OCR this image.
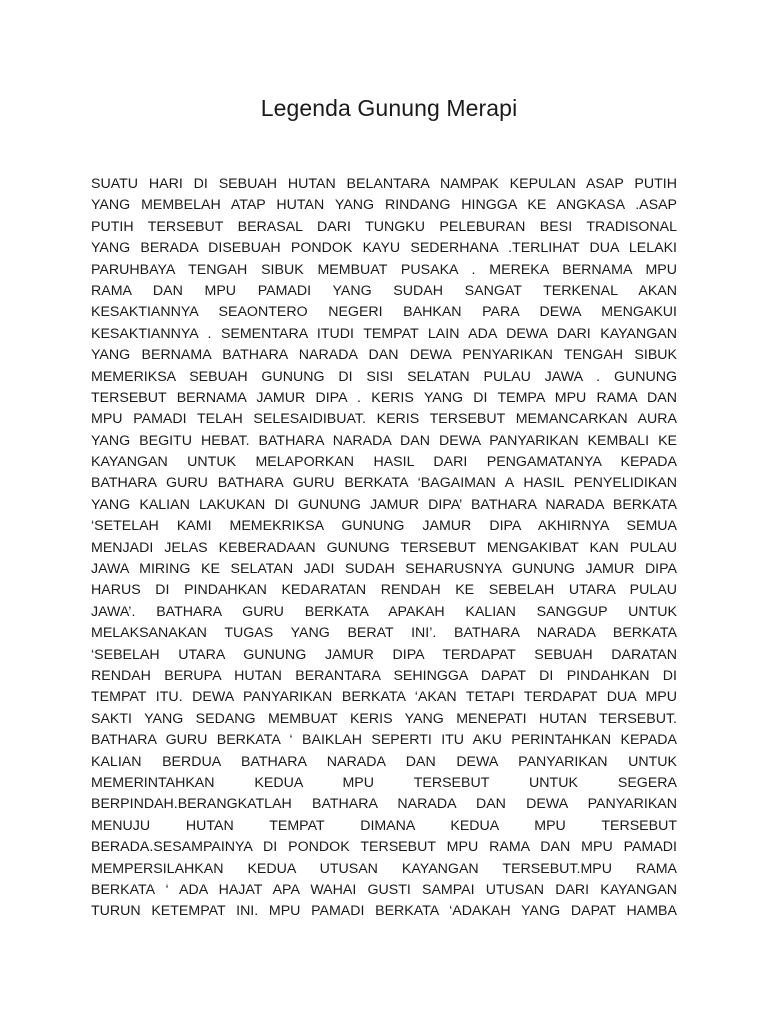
Legenda Gunung Merapi
SUATU HARI DI SEBUAH HUTAN BELANTARA NAMPAK KEPULAN ASAP PUTIH
YANG MEMBELAH ATAP HUTAN YANG RINDANG HINGGA KE ANGKASA .ASAP
PUTIH TERSEBUT BERASAL DARI TUNGKU PELEBURAN BESI TRADISONAL
YANG BERADA DISEBUAH PONDOK KAYU SEDERHANA .TERLIHAT DUA LELAKI
PARUHBAYA TENGAH SIBUK MEMBUAT PUSAKA . MEREKA BERNAMA MPU
RAMA DAN MPU PAMADI YANG SUDAH SANGAT TERKENAL AKAN
KESAKTIANNYA SEAONTERO NEGERI BAHKAN PARA DEWA MENGAKUI
KESAKTIANNYA . SEMENTARA ITUDI TEMPAT LAIN ADA DEWA DARI KAYANGAN
YANG BERNAMA BATHARA NARADA DAN DEWA PENYARIKAN TENGAH SIBUK
MEMERIKSA SEBUAH GUNUNG DI SISI SELATAN PULAU JAWA . GUNUNG
TERSEBUT BERNAMA JAMUR DIPA . KERIS YANG DI TEMPA MPU RAMA DAN
MPU PAMADI TELAH SELESAIDIBUAT. KERIS TERSEBUT MEMANCARKAN AURA
YANG BEGITU HEBAT. BATHARA NARADA DAN DEWA PANYARIKAN KEMBALI KE
KAYANGAN UNTUK MELAPORKAN HASIL DARI PENGAMATANYA KEPADA
BATHARA GURU BATHARA GURU BERKATA ‘BAGAIMAN A HASIL PENYELIDIKAN
YANG KALIAN LAKUKAN DI GUNUNG JAMUR DIPA’ BATHARA NARADA BERKATA
‘SETELAH KAMI MEMEKRIKSA GUNUNG JAMUR DIPA AKHIRNYA SEMUA
MENJADI JELAS KEBERADAAN GUNUNG TERSEBUT MENGAKIBAT KAN PULAU
JAWA MIRING KE SELATAN JADI SUDAH SEHARUSNYA GUNUNG JAMUR DIPA
HARUS DI PINDAHKAN KEDARATAN RENDAH KE SEBELAH UTARA PULAU
JAWA’. BATHARA GURU BERKATA APAKAH KALIAN SANGGUP UNTUK
MELAKSANAKAN TUGAS YANG BERAT INI’. BATHARA NARADA BERKATA
‘SEBELAH UTARA GUNUNG JAMUR DIPA TERDAPAT SEBUAH DARATAN
RENDAH BERUPA HUTAN BERANTARA SEHINGGA DAPAT DI PINDAHKAN DI
TEMPAT ITU. DEWA PANYARIKAN BERKATA ‘AKAN TETAPI TERDAPAT DUA MPU
SAKTI YANG SEDANG MEMBUAT KERIS YANG MENEPATI HUTAN TERSEBUT.
BATHARA GURU BERKATA ‘ BAIKLAH SEPERTI ITU AKU PERINTAHKAN KEPADA
KALIAN BERDUA BATHARA NARADA DAN DEWA PANYARIKAN UNTUK
MEMERINTAHKAN KEDUA MPU TERSEBUT UNTUK SEGERA
BERPINDAH.BERANGKATLAH BATHARA NARADA DAN DEWA PANYARIKAN
MENUJU HUTAN TEMPAT DIMANA KEDUA MPU TERSEBUT
BERADA.SESAMPAINYA DI PONDOK TERSEBUT MPU RAMA DAN MPU PAMADI
MEMPERSILAHKAN KEDUA UTUSAN KAYANGAN TERSEBUT.MPU RAMA
BERKATA ‘ ADA HAJAT APA WAHAI GUSTI SAMPAI UTUSAN DARI KAYANGAN
TURUN KETEMPAT INI. MPU PAMADI BERKATA ‘ADAKAH YANG DAPAT HAMBA
